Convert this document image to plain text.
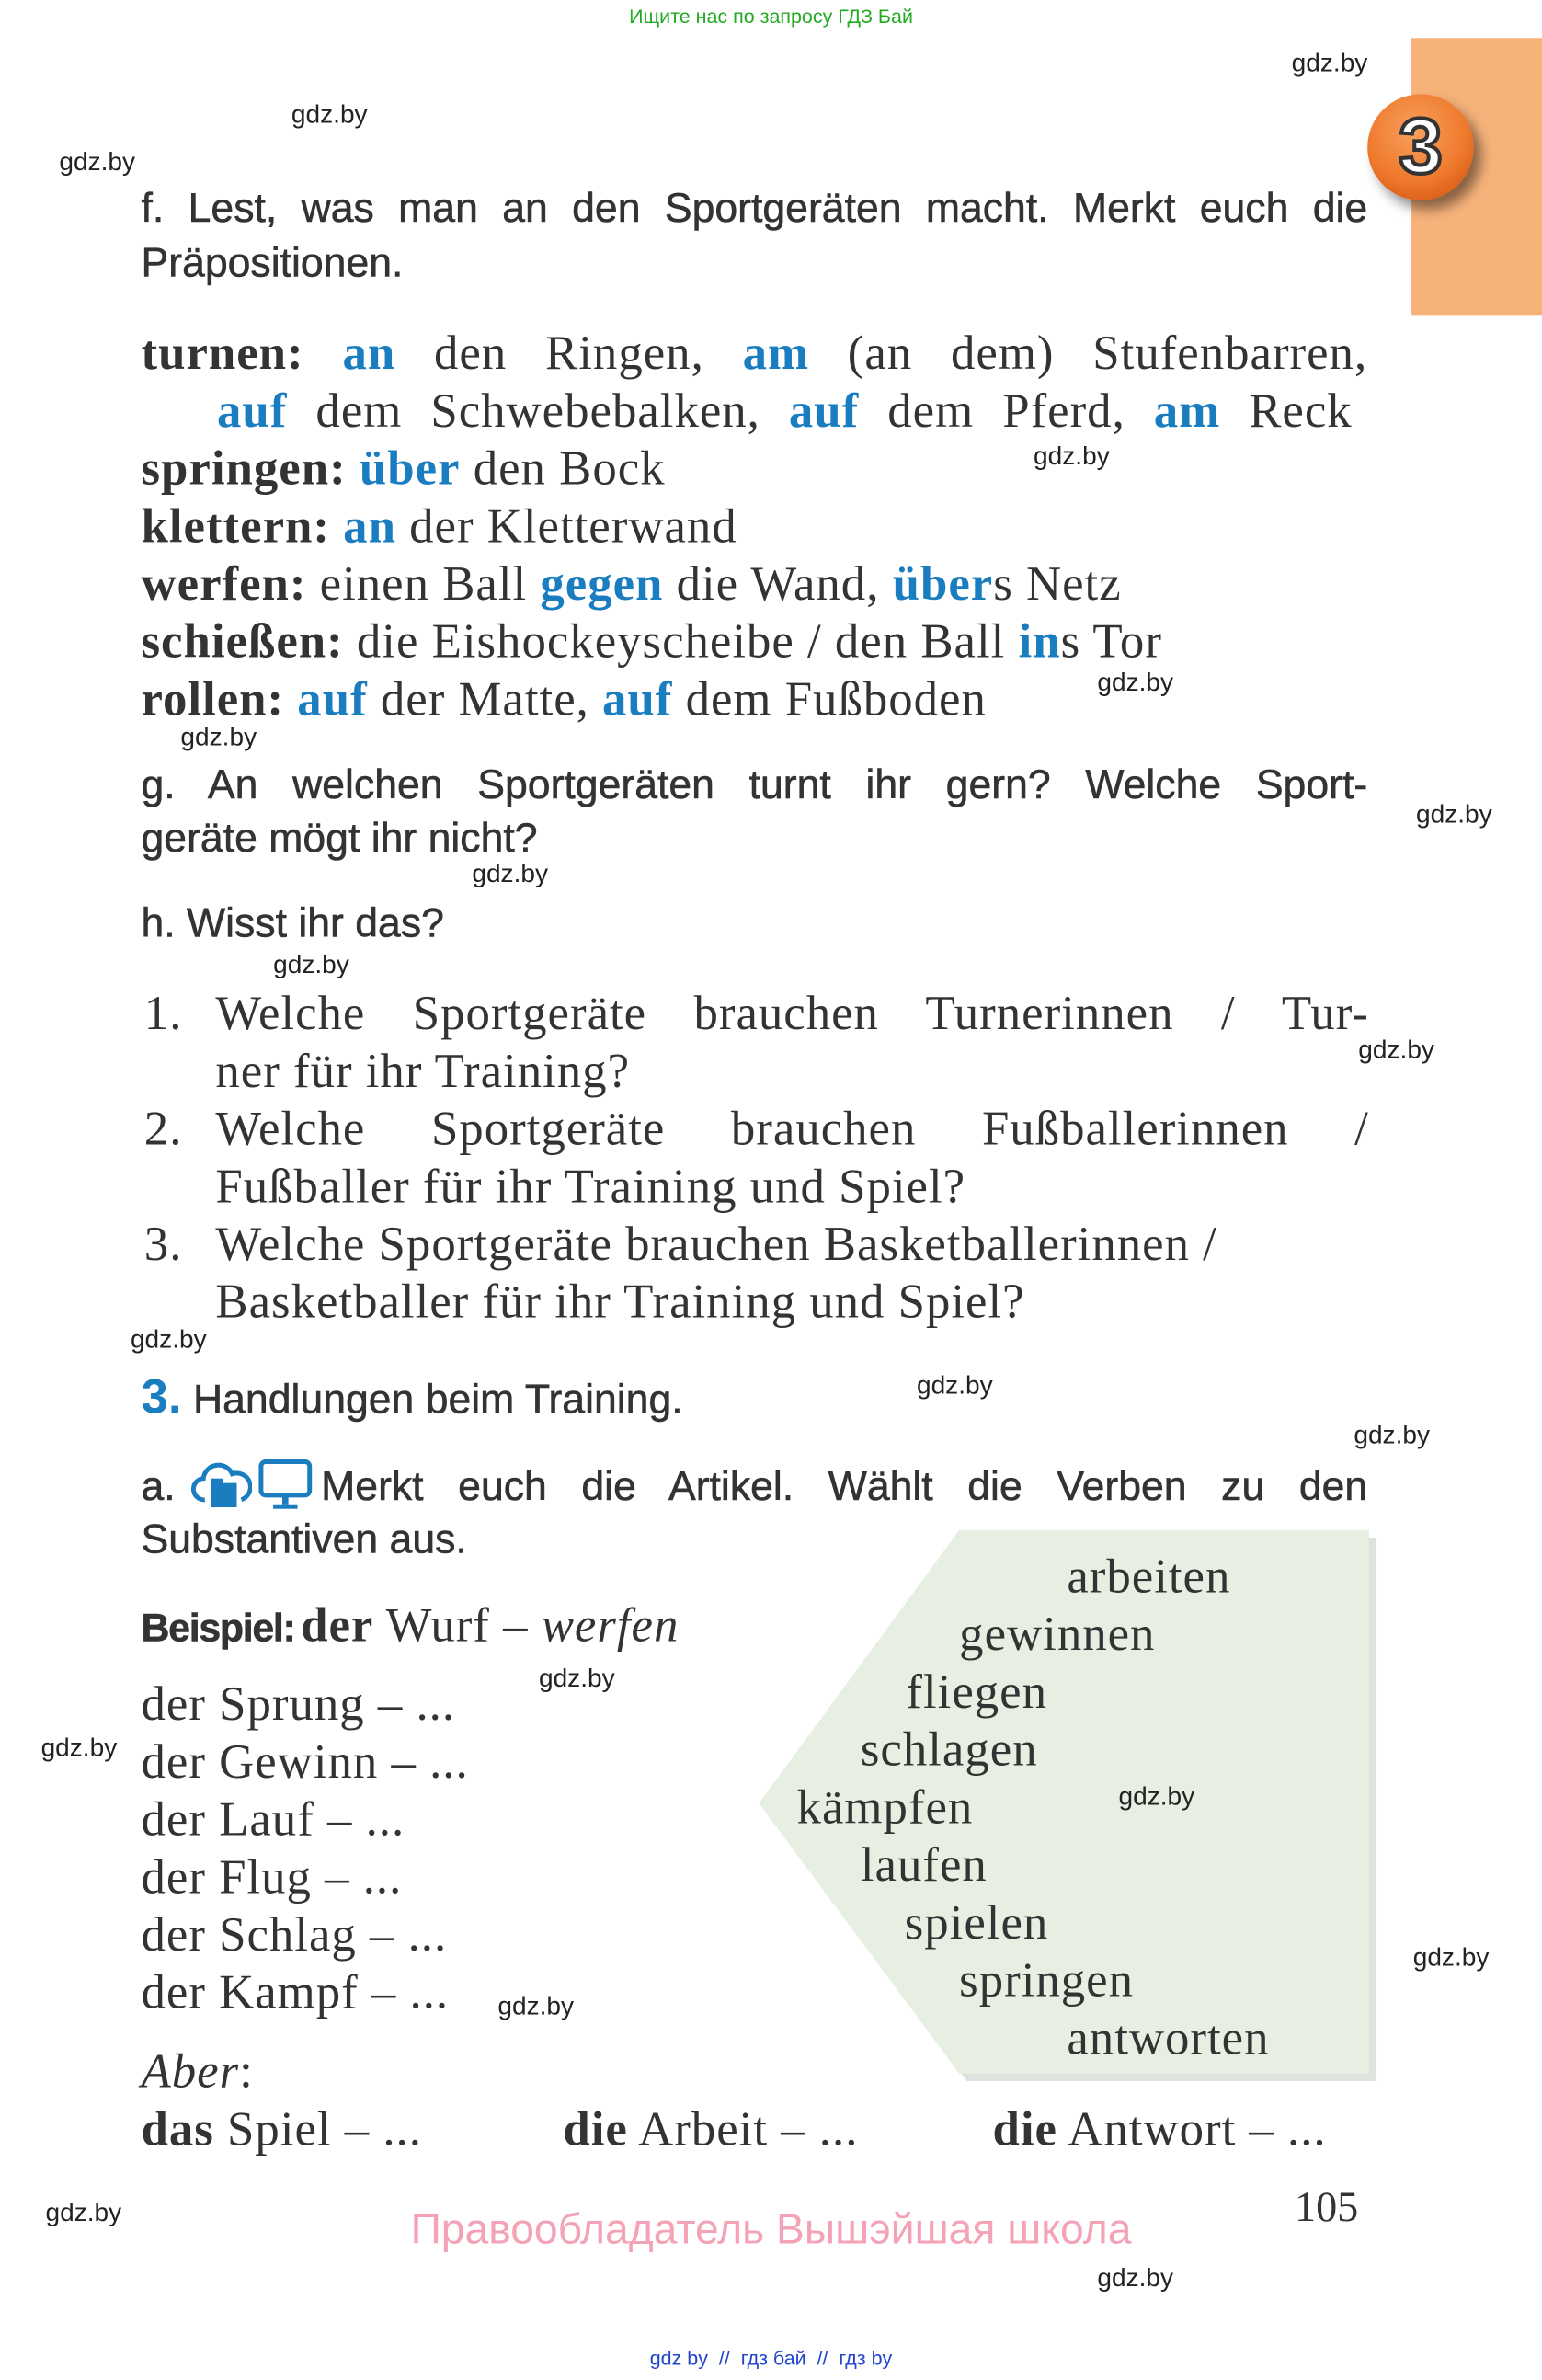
Ищите нас по запросу ГДЗ Бай
3
f. Lest, was man an den Sportgeräten macht. Merkt euch die
Präpositionen.
turnen: an den Ringen, am (an dem) Stufenbarren,
auf dem Schwebebalken, auf dem Pferd, am Reck
springen: über den Bock
klettern: an der Kletterwand
werfen: einen Ball gegen die Wand, übers Netz
schießen: die Eishockeyscheibe / den Ball ins Tor
rollen: auf der Matte, auf dem Fußboden
g. An welchen Sportgeräten turnt ihr gern? Welche Sport-
geräte mögt ihr nicht?
h. Wisst ihr das?
1. Welche Sportgeräte brauchen Turnerinnen / Tur-
ner für ihr Training?
2. Welche Sportgeräte brauchen Fußballerinnen /
Fußballer für ihr Training und Spiel?
3. Welche Sportgeräte brauchen Basketballerinnen /
Basketballer für ihr Training und Spiel?
3. Handlungen beim Training.
a.	Merkt euch die Artikel. Wählt die Verben zu den
Substantiven aus.
Beispiel: der Wurf – werfen
der Sprung – ...
der Gewinn – ...
der Lauf – ...
der Flug – ...
der Schlag – ...
der Kampf – ...
Aber:
das Spiel – ...	die Arbeit – ...	die Antwort – ...
arbeiten
gewinnen
fliegen
schlagen
kämpfen
laufen
spielen
springen
antworten
105
Правообладатель Вышэйшая школа
gdz by  //  гдз бай  //  гдз by
gdz.by
gdz.by
gdz.by
gdz.by
gdz.by
gdz.by
gdz.by
gdz.by
gdz.by
gdz.by
gdz.by
gdz.by
gdz.by
gdz.by
gdz.by
gdz.by
gdz.by
gdz.by
gdz.by
gdz.by
